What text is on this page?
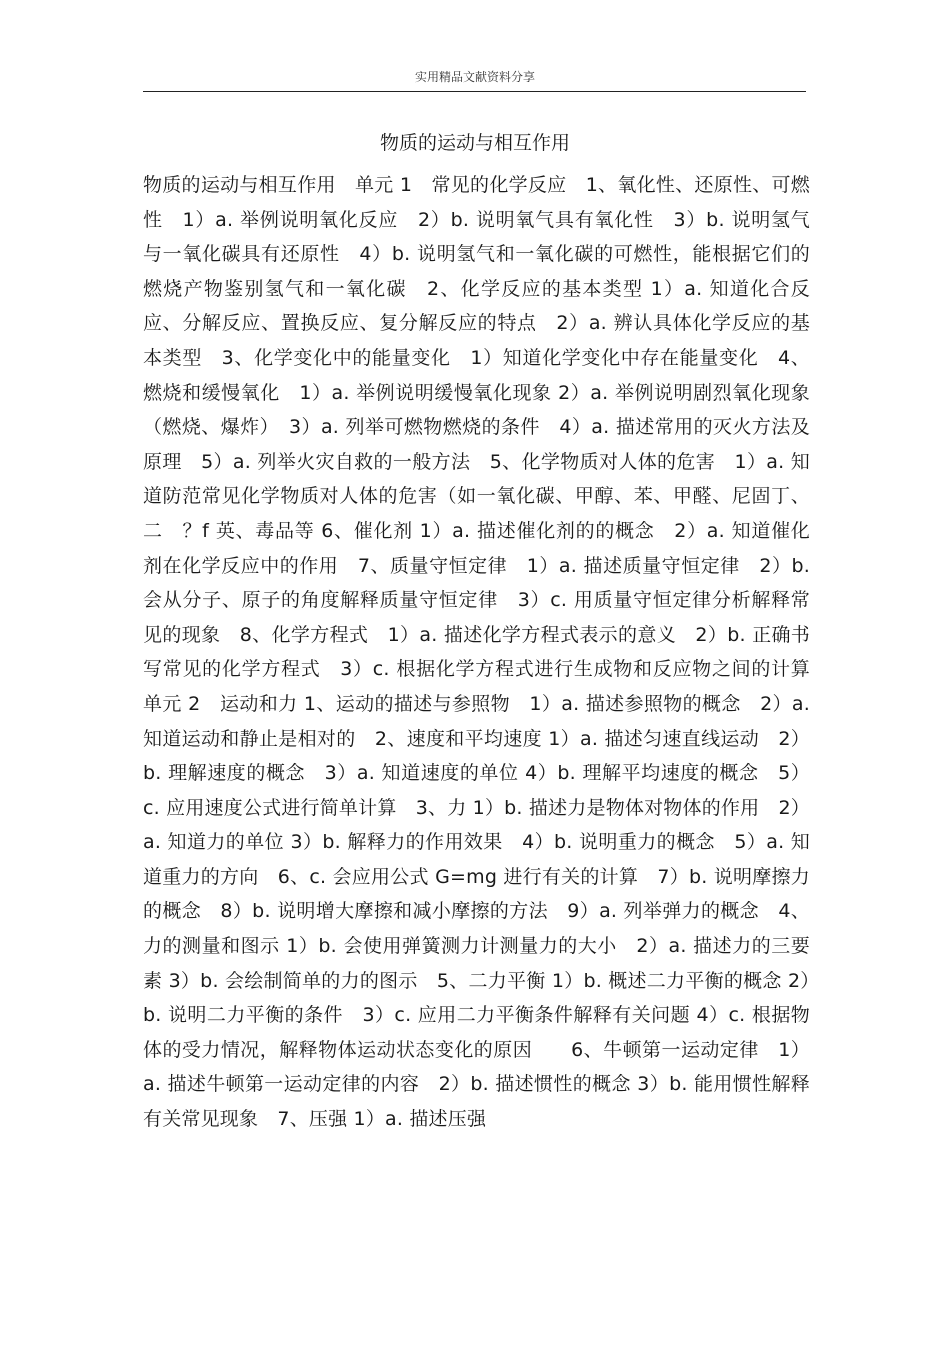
实用精品文献资料分享
物质的运动与相互作用

物质的运动与相互作用　单元 1　常见的化学反应　1、氧化性、还原性、可燃性　1）a. 举例说明氧化反应　2）b. 说明氧气具有氧化性　3）b. 说明氢气与一氧化碳具有还原性　4）b. 说明氢气和一氧化碳的可燃性，能根据它们的燃烧产物鉴别氢气和一氧化碳　2、化学反应的基本类型 1）a. 知道化合反应、分解反应、置换反应、复分解反应的特点　2）a. 辨认具体化学反应的基本类型　3、化学变化中的能量变化　1）知道化学变化中存在能量变化　4、燃烧和缓慢氧化　1）a. 举例说明缓慢氧化现象 2）a. 举例说明剧烈氧化现象（燃烧、爆炸）　3）a. 列举可燃物燃烧的条件　4）a. 描述常用的灭火方法及原理　5）a. 列举火灾自救的一般方法　5、化学物质对人体的危害　1）a. 知道防范常见化学物质对人体的危害（如一氧化碳、甲醇、苯、甲醛、尼固丁、二　？f 英、毒品等 6、催化剂 1）a. 描述催化剂的的概念　2）a. 知道催化剂在化学反应中的作用　7、质量守恒定律　1）a. 描述质量守恒定律　2）b. 会从分子、原子的角度解释质量守恒定律　3）c. 用质量守恒定律分析解释常见的现象　8、化学方程式　1）a. 描述化学方程式表示的意义　2）b. 正确书写常见的化学方程式　3）c. 根据化学方程式进行生成物和反应物之间的计算　单元 2　运动和力 1、运动的描述与参照物　1）a. 描述参照物的概念　2）a. 知道运动和静止是相对的　2、速度和平均速度 1）a. 描述匀速直线运动　2）b. 理解速度的概念　3）a. 知道速度的单位 4）b. 理解平均速度的概念　5）c. 应用速度公式进行简单计算　3、力 1）b. 描述力是物体对物体的作用　2）a. 知道力的单位 3）b. 解释力的作用效果　4）b. 说明重力的概念　5）a. 知道重力的方向　6、c. 会应用公式 G=mg 进行有关的计算　7）b. 说明摩擦力的概念　8）b. 说明增大摩擦和减小摩擦的方法　9）a. 列举弹力的概念　4、力的测量和图示 1）b. 会使用弹簧测力计测量力的大小　2）a. 描述力的三要素 3）b. 会绘制简单的力的图示　5、二力平衡 1）b. 概述二力平衡的概念 2）b. 说明二力平衡的条件　3）c. 应用二力平衡条件解释有关问题 4）c. 根据物体的受力情况，解释物体运动状态变化的原因　　6、牛顿第一运动定律　1）a. 描述牛顿第一运动定律的内容　2）b. 描述惯性的概念 3）b. 能用惯性解释有关常见现象　7、压强 1）a. 描述压强
